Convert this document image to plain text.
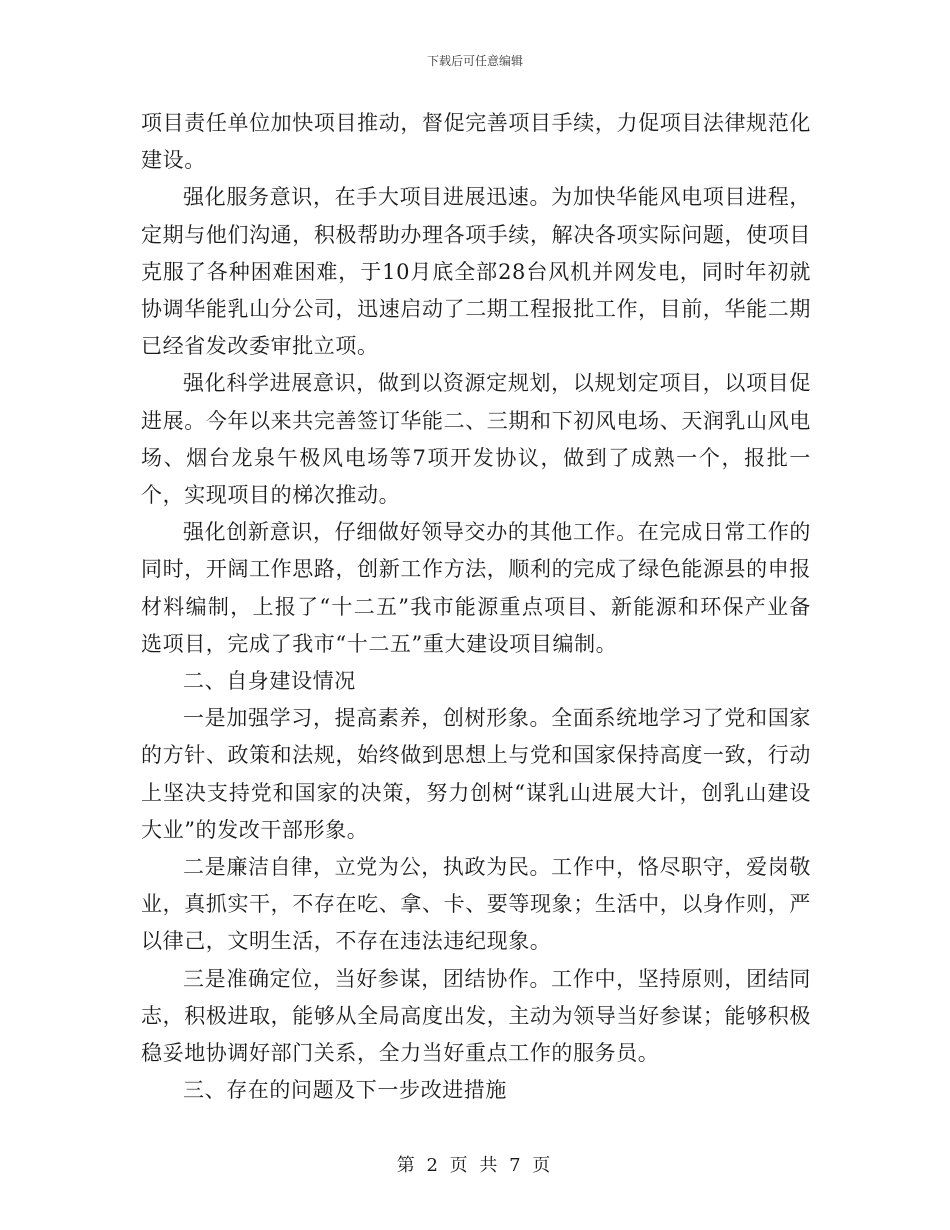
下载后可任意编辑

项目责任单位加快项目推动，督促完善项目手续，力促项目法律规范化建设。

强化服务意识，在手大项目进展迅速。为加快华能风电项目进程，定期与他们沟通，积极帮助办理各项手续，解决各项实际问题，使项目克服了各种困难困难，于10月底全部28台风机并网发电，同时年初就协调华能乳山分公司，迅速启动了二期工程报批工作，目前，华能二期已经省发改委审批立项。

强化科学进展意识，做到以资源定规划，以规划定项目，以项目促进展。今年以来共完善签订华能二、三期和下初风电场、天润乳山风电场、烟台龙泉午极风电场等7项开发协议，做到了成熟一个，报批一个，实现项目的梯次推动。

强化创新意识，仔细做好领导交办的其他工作。在完成日常工作的同时，开阔工作思路，创新工作方法，顺利的完成了绿色能源县的申报材料编制，上报了“十二五”我市能源重点项目、新能源和环保产业备选项目，完成了我市“十二五”重大建设项目编制。

二、自身建设情况

一是加强学习，提高素养，创树形象。全面系统地学习了党和国家的方针、政策和法规，始终做到思想上与党和国家保持高度一致，行动上坚决支持党和国家的决策，努力创树“谋乳山进展大计，创乳山建设大业”的发改干部形象。

二是廉洁自律，立党为公，执政为民。工作中，恪尽职守，爱岗敬业，真抓实干，不存在吃、拿、卡、要等现象；生活中，以身作则，严以律己，文明生活，不存在违法违纪现象。

三是准确定位，当好参谋，团结协作。工作中，坚持原则，团结同志，积极进取，能够从全局高度出发，主动为领导当好参谋；能够积极稳妥地协调好部门关系，全力当好重点工作的服务员。

三、存在的问题及下一步改进措施

第 2 页 共 7 页
